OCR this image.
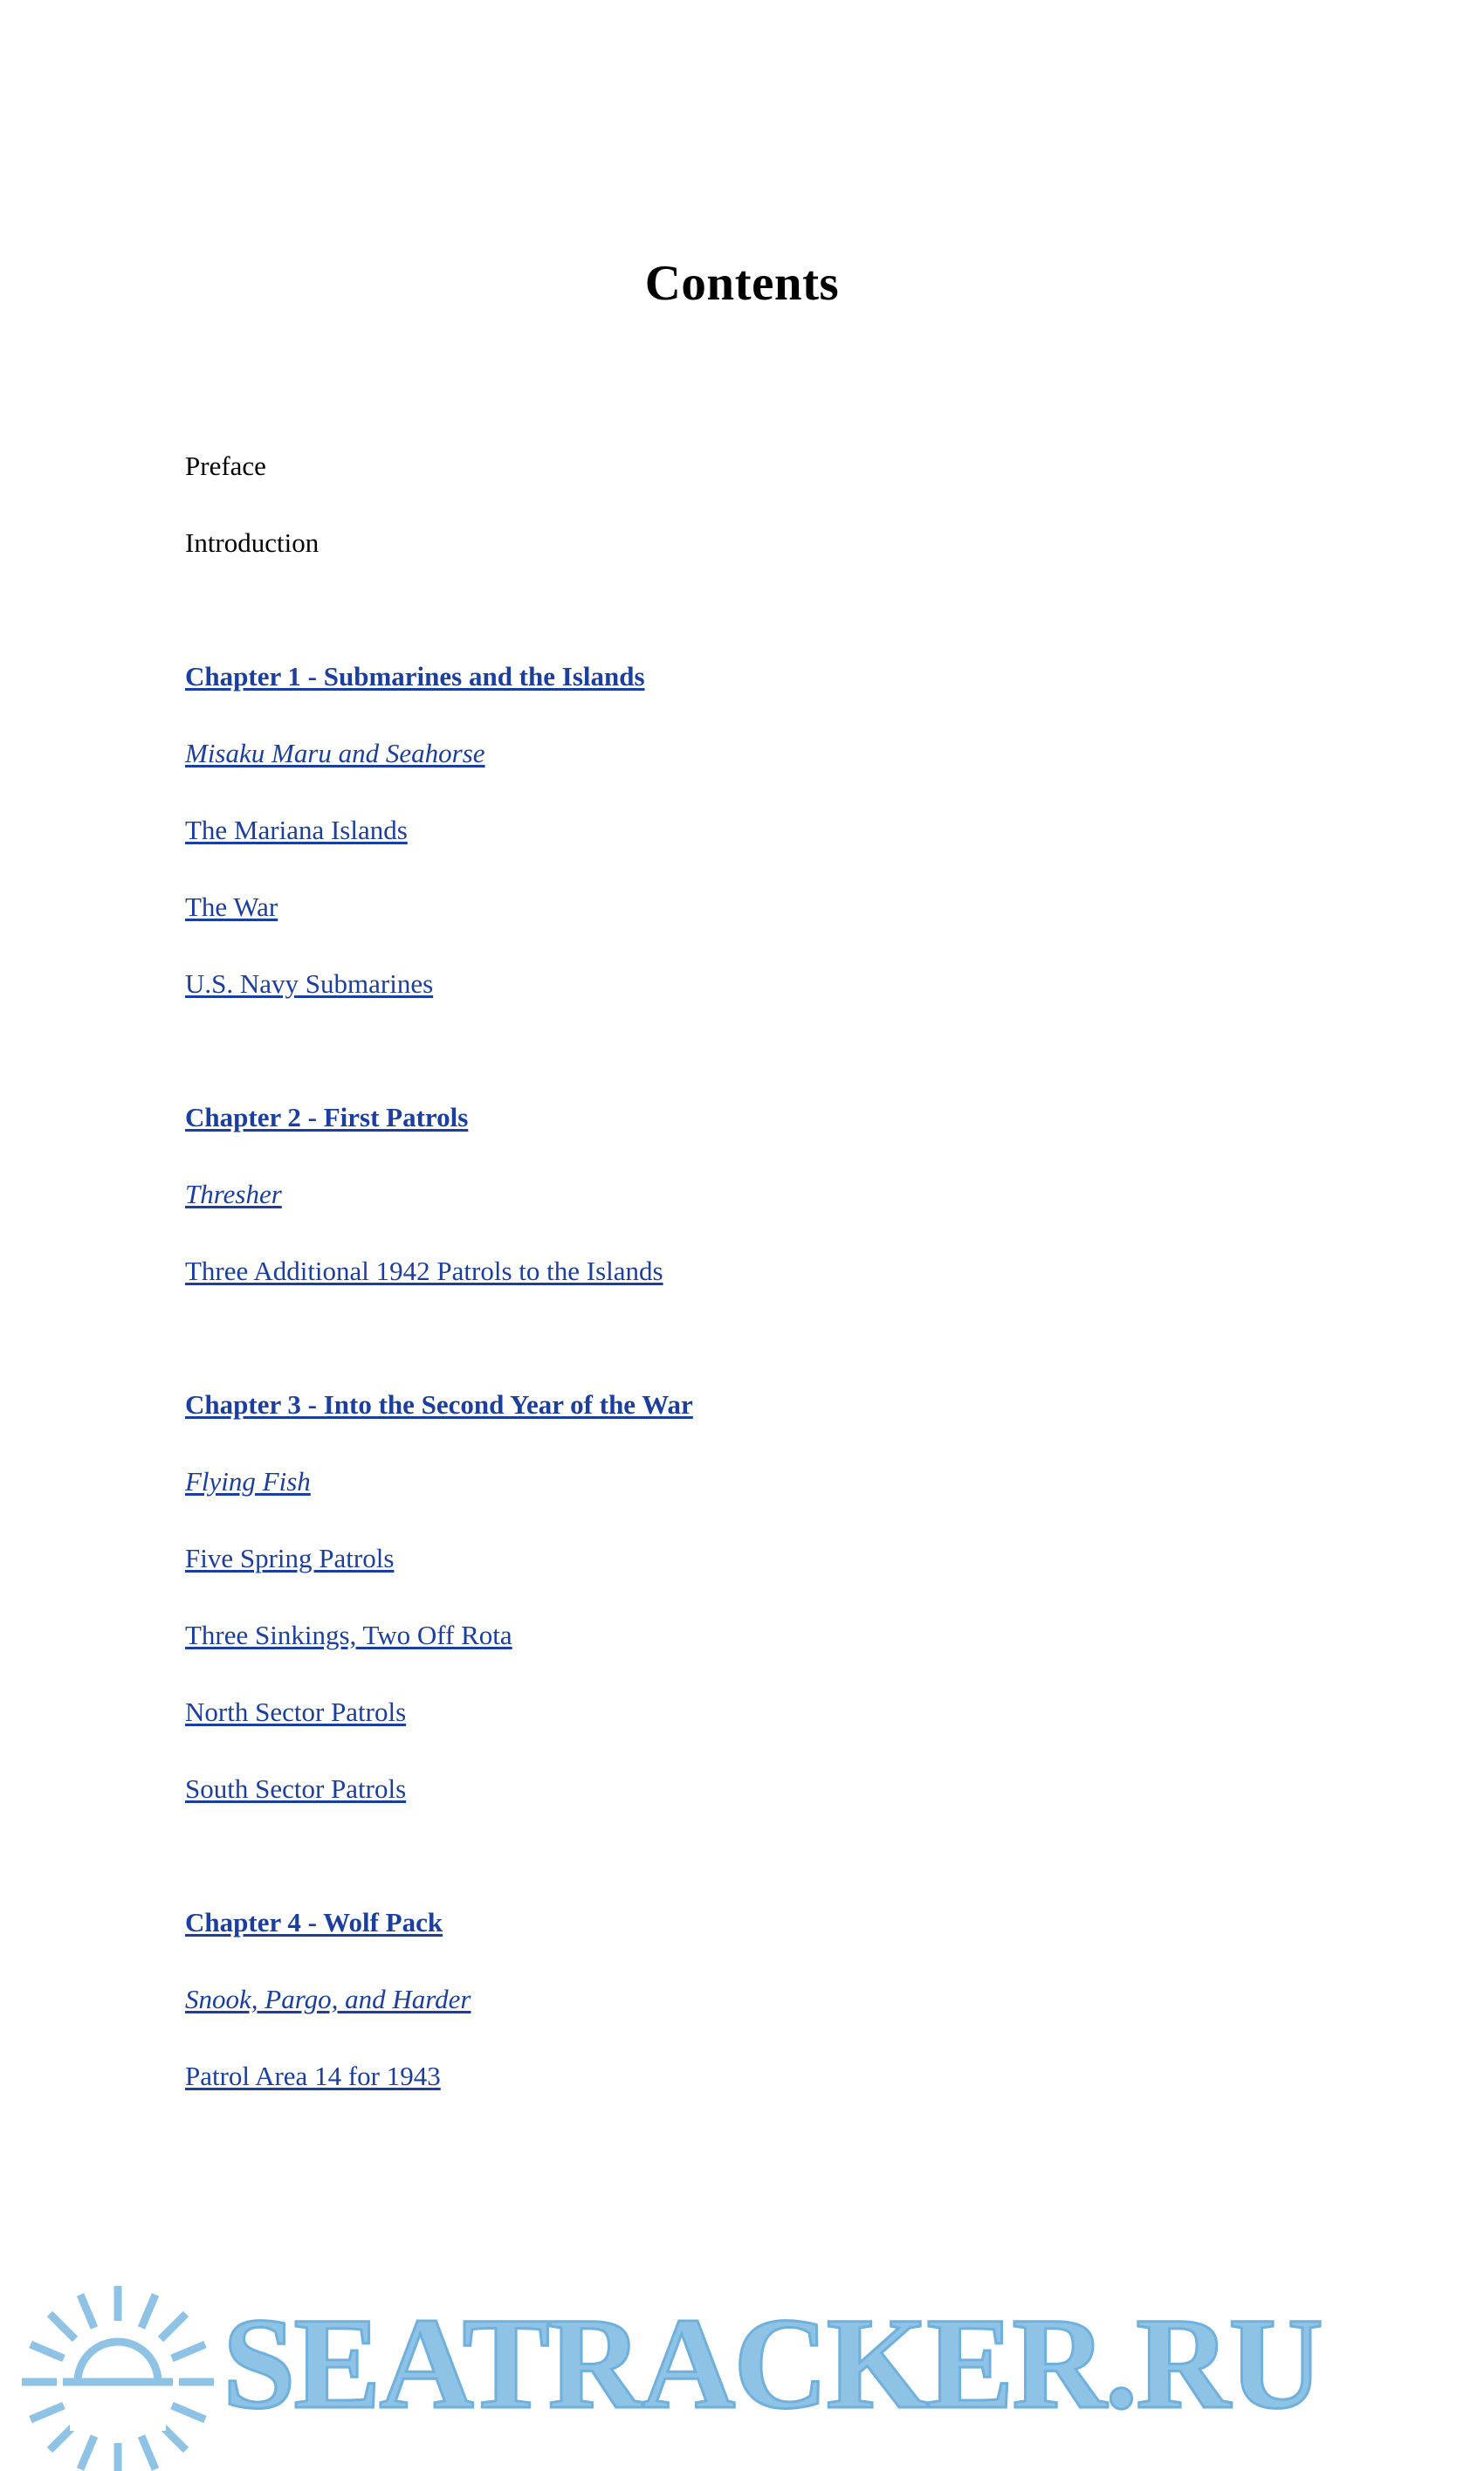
Contents
Preface
Introduction
Chapter 1 - Submarines and the Islands
Misaku Maru and Seahorse
The Mariana Islands
The War
U.S. Navy Submarines
Chapter 2 - First Patrols
Thresher
Three Additional 1942 Patrols to the Islands
Chapter 3 - Into the Second Year of the War
Flying Fish
Five Spring Patrols
Three Sinkings, Two Off Rota
North Sector Patrols
South Sector Patrols
Chapter 4 - Wolf Pack
Snook, Pargo, and Harder
Patrol Area 14 for 1943
SEATRACKER.RU
